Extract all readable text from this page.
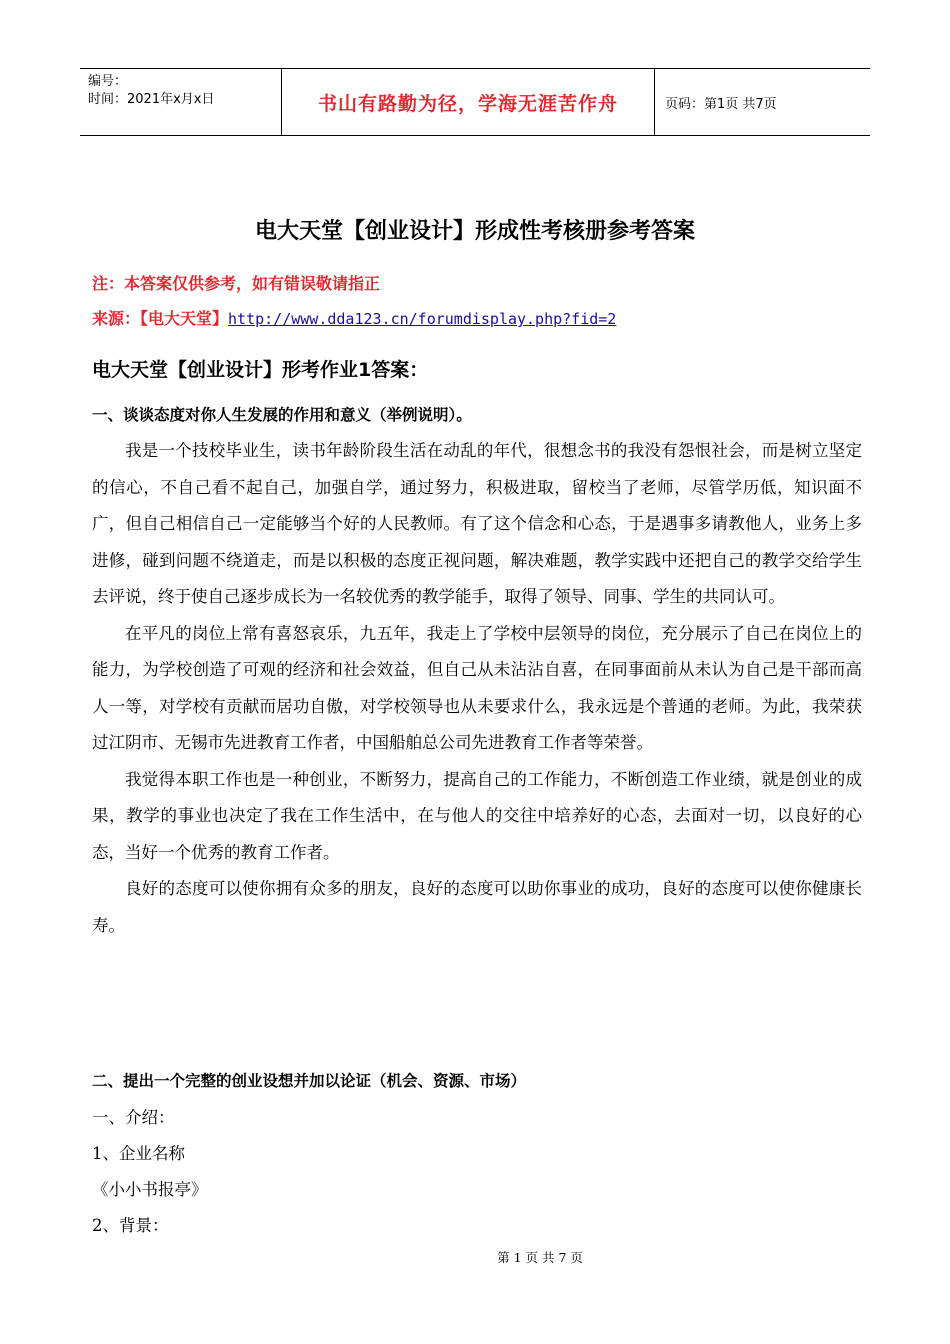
编号：
时间：2021年x月x日	书山有路勤为径，学海无涯苦作舟	页码：第1页 共7页
电大天堂【创业设计】形成性考核册参考答案
注：本答案仅供参考，如有错误敬请指正
来源：【电大天堂】http://www.dda123.cn/forumdisplay.php?fid=2
电大天堂【创业设计】形考作业1答案：
一、谈谈态度对你人生发展的作用和意义（举例说明）。

我是一个技校毕业生，读书年龄阶段生活在动乱的年代，很想念书的我没有怨恨社会，而是树立坚定的信心，不自己看不起自己，加强自学，通过努力，积极进取，留校当了老师，尽管学历低，知识面不广，但自己相信自己一定能够当个好的人民教师。有了这个信念和心态，于是遇事多请教他人，业务上多进修，碰到问题不绕道走，而是以积极的态度正视问题，解决难题，教学实践中还把自己的教学交给学生去评说，终于使自己逐步成长为一名较优秀的教学能手，取得了领导、同事、学生的共同认可。

在平凡的岗位上常有喜怒哀乐，九五年，我走上了学校中层领导的岗位，充分展示了自己在岗位上的能力，为学校创造了可观的经济和社会效益，但自己从未沾沾自喜，在同事面前从未认为自己是干部而高人一等，对学校有贡献而居功自傲，对学校领导也从未要求什么，我永远是个普通的老师。为此，我荣获过江阴市、无锡市先进教育工作者，中国船舶总公司先进教育工作者等荣誉。

我觉得本职工作也是一种创业，不断努力，提高自己的工作能力，不断创造工作业绩，就是创业的成果，教学的事业也决定了我在工作生活中，在与他人的交往中培养好的心态，去面对一切，以良好的心态，当好一个优秀的教育工作者。

良好的态度可以使你拥有众多的朋友，良好的态度可以助你事业的成功，良好的态度可以使你健康长寿。

二、提出一个完整的创业设想并加以论证（机会、资源、市场）
一、介绍：
1、企业名称
《小小书报亭》
2、背景：
第 1 页 共 7 页
